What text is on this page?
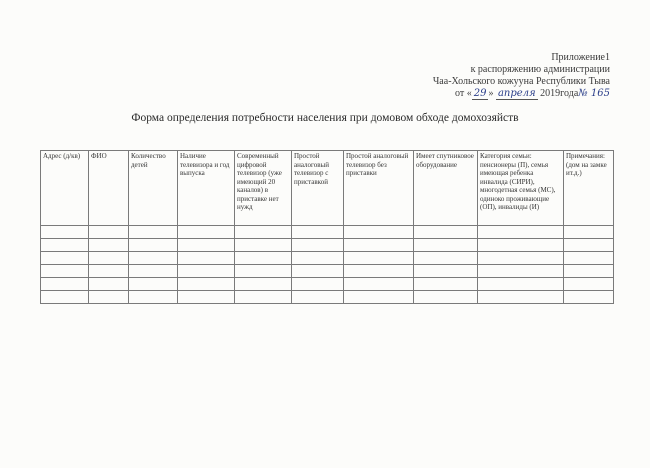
Приложение1
к распоряжению администрации
Чаа-Хольского кожууна Республики Тыва
от « 29 » апреля 2019года№ 165
Форма определения потребности населения при домовом обходе домохозяйств
Адрес (д/кв)	ФИО	Количество детей	Наличие телевизора и год выпуска	Современный цифровой телевизор (уже имеющий 20 каналов) в приставке нет нужд	Простой аналоговый телевизор с приставкой	Простой аналоговый телевизор без приставки	Имеет спутниковое оборудование	Категория семьи: пенсионеры (П), семья имеющая ребенка инвалида (СИРИ), многодетная семья (МС), одиноко проживающие (ОП), инвалиды (И)	Примечания: (дом на замке ит.д.)
